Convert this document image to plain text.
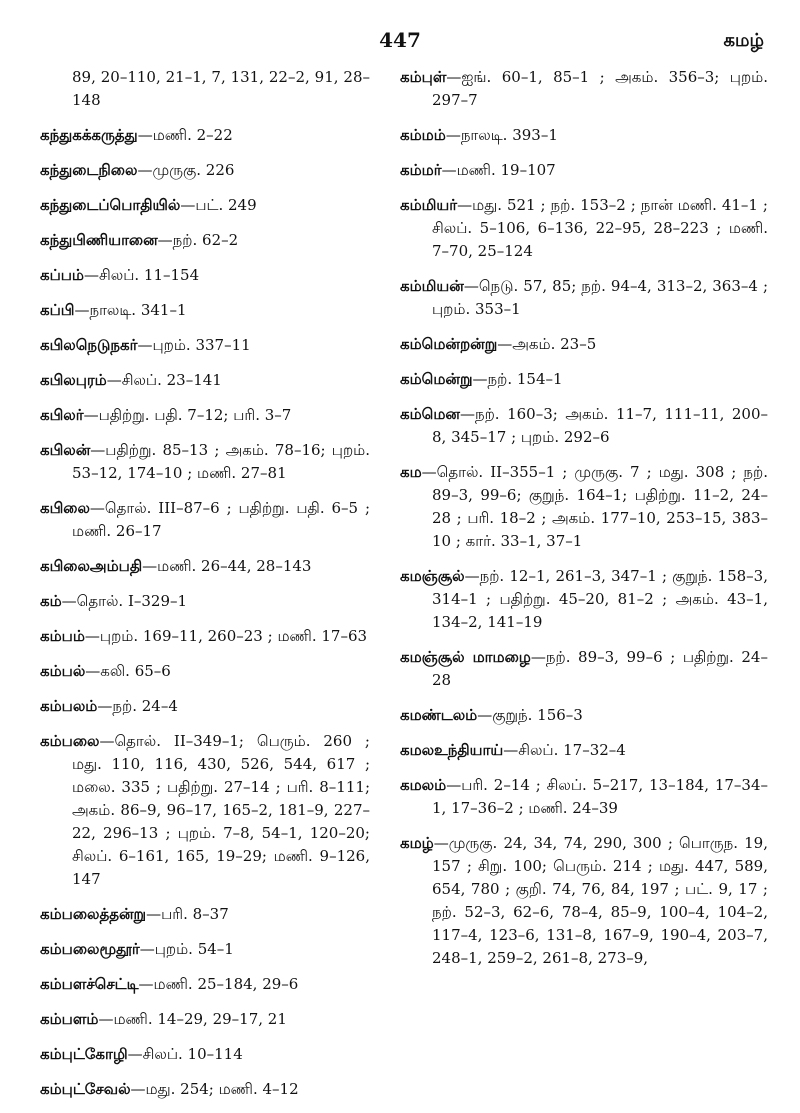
447	கமழ்
89, 20–110, 21–1, 7, 131, 22–2, 91, 28–148
கந்துகக்கருத்து—மணி. 2–22
கந்துடைநிலை—முருகு. 226
கந்துடைப்பொதியில்—பட். 249
கந்துபிணியானை—நற். 62–2
கப்பம்—சிலப். 11–154
கப்பி—நாலடி. 341–1
கபிலநெடுநகர்—புறம். 337–11
கபிலபுரம்—சிலப். 23–141
கபிலர்—பதிற்று. பதி. 7–12; பரி. 3–7
கபிலன்—பதிற்று. 85–13 ; அகம். 78–16; புறம். 53–12, 174–10 ; மணி. 27–81
கபிலை—தொல். III–87–6 ; பதிற்று. பதி. 6–5 ; மணி. 26–17
கபிலைஅம்பதி—மணி. 26–44, 28–143
கம்—தொல். I–329–1
கம்பம்—புறம். 169–11, 260–23 ; மணி. 17–63
கம்பல்—கலி. 65–6
கம்பலம்—நற். 24–4
கம்பலை—தொல். II–349–1; பெரும். 260 ; மது. 110, 116, 430, 526, 544, 617 ; மலை. 335 ; பதிற்று. 27–14 ; பரி. 8–111; அகம். 86–9, 96–17, 165–2, 181–9, 227–22, 296–13 ; புறம். 7–8, 54–1, 120–20; சிலப். 6–161, 165, 19–29; மணி. 9–126, 147
கம்பலைத்தன்று—பரி. 8–37
கம்பலைமூதூர்—புறம். 54–1
கம்பளச்செட்டி—மணி. 25–184, 29–6
கம்பளம்—மணி. 14–29, 29–17, 21
கம்புட்கோழி—சிலப். 10–114
கம்புட்சேவல்—மது. 254; மணி. 4–12
கம்புள்—ஐங். 60–1, 85–1 ; அகம். 356–3; புறம். 297–7
கம்மம்—நாலடி. 393–1
கம்மர்—மணி. 19–107
கம்மியர்—மது. 521 ; நற். 153–2 ; நான் மணி. 41–1 ; சிலப். 5–106, 6–136, 22–95, 28–223 ; மணி. 7–70, 25–124
கம்மியன்—நெடு. 57, 85; நற். 94–4, 313–2, 363–4 ; புறம். 353–1
கம்மென்றன்று—அகம். 23–5
கம்மென்று—நற். 154–1
கம்மென—நற். 160–3; அகம். 11–7, 111–11, 200–8, 345–17 ; புறம். 292–6
கம—தொல். II–355–1 ; முருகு. 7 ; மது. 308 ; நற். 89–3, 99–6; குறுந். 164–1; பதிற்று. 11–2, 24–28 ; பரி. 18–2 ; அகம். 177–10, 253–15, 383–10 ; கார். 33–1, 37–1
கமஞ்சூல்—நற். 12–1, 261–3, 347–1 ; குறுந். 158–3, 314–1 ; பதிற்று. 45–20, 81–2 ; அகம். 43–1, 134–2, 141–19
கமஞ்சூல் மாமழை—நற். 89–3, 99–6 ; பதிற்று. 24–28
கமண்டலம்—குறுந். 156–3
கமலஉந்தியாய்—சிலப். 17–32–4
கமலம்—பரி. 2–14 ; சிலப். 5–217, 13–184, 17–34–1, 17–36–2 ; மணி. 24–39
கமழ்—முருகு. 24, 34, 74, 290, 300 ; பொருந. 19, 157 ; சிறு. 100; பெரும். 214 ; மது. 447, 589, 654, 780 ; குறி. 74, 76, 84, 197 ; பட். 9, 17 ; நற். 52–3, 62–6, 78–4, 85–9, 100–4, 104–2, 117–4, 123–6, 131–8, 167–9, 190–4, 203–7, 248–1, 259–2, 261–8, 273–9,
